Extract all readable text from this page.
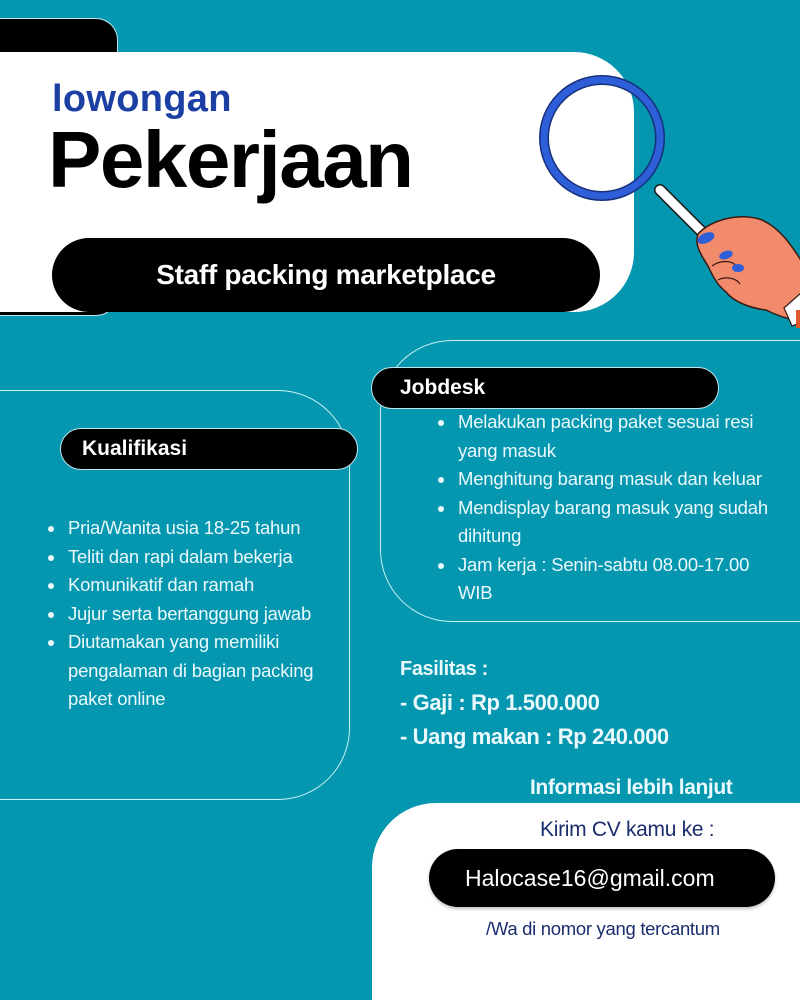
lowongan
Pekerjaan
Staff packing marketplace
Jobdesk
Melakukan packing paket sesuai resi yang masuk
Menghitung barang masuk dan keluar
Mendisplay barang masuk yang sudah dihitung
Jam kerja : Senin-sabtu 08.00-17.00 WIB
Kualifikasi
Pria/Wanita usia 18-25 tahun
Teliti dan rapi dalam bekerja
Komunikatif dan ramah
Jujur serta bertanggung jawab
Diutamakan yang memiliki pengalaman di bagian packing paket online
Fasilitas :
- Gaji : Rp 1.500.000
- Uang makan : Rp 240.000
Informasi lebih lanjut
Kirim CV kamu ke :
Halocase16@gmail.com
/Wa di nomor yang tercantum
